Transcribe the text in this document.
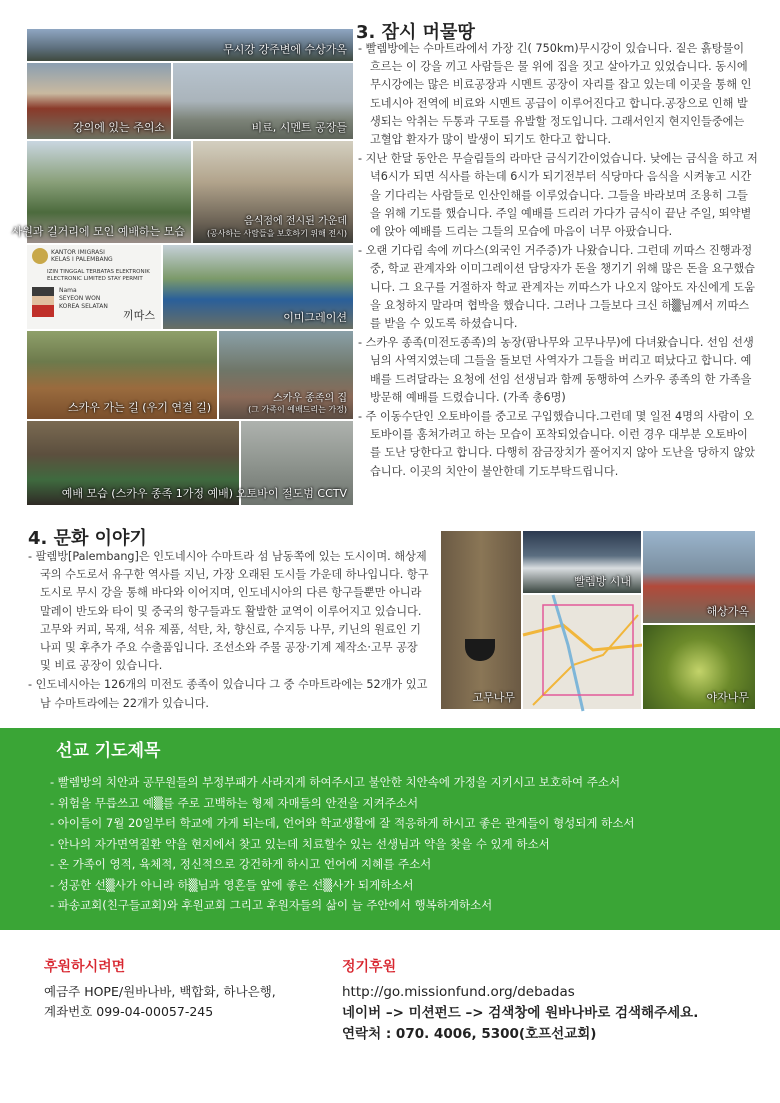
무시강 강주변에 수상가옥
강의에 있는 주의소	비료, 시멘트 공장들
사원과 길거리에 모인 예배하는 모습
음식점에 전시된 가운데
(공사하는 사람들을 보호하기 위해 전시)
KANTOR IMIGRASI
KELAS I PALEMBANG
IZIN TINGGAL TERBATAS ELEKTRONIK
ELECTRONIC LIMITED STAY PERMIT
Nama
SEYEON WON
KOREA SELATAN
끼따스	이미그레이션
스카우 가는 길 (우기 연결 길)
스카우 종족의 집
(그 가족이 예배드리는 가정)
예배 모습 (스카우 종족 1가정 예배) 오토바이 절도범 CCTV
3. 잠시 머물땅

- 빨렘방에는 수마트라에서 가장 긴( 750km)무시강이 있습니다. 짙은 흙탕물이 흐르는 이 강을 끼고 사람들은 물 위에 집을 짓고 살아가고 있었습니다. 동시에 무시강에는 많은 비료공장과 시멘트 공장이 자리를 잡고 있는데 이곳을 통해 인도네시아 전역에 비료와 시멘트 공급이 이루어진다고 합니다.공장으로 인해 발생되는 악취는 두통과 구토를 유발할 정도입니다. 그래서인지 현지인들중에는 고혈압 환자가 많이 발생이 되기도 한다고 합니다.

- 지난 한달 동안은 무슬림들의 라마단 금식기간이었습니다. 낮에는 금식을 하고 저녁6시가 되면 식사를 하는데 6시가 되기전부터 식당마다 음식을 시켜놓고 시간을 기다리는 사람들로 인산인해를 이루었습니다. 그들을 바라보며 조용히 그들을 위해 기도를 했습니다. 주일 예배를 드리러 가다가 금식이 끝난 주일, 뙤약볕에 앉아 예배를 드리는 그들의 모습에 마음이 너무 아팠습니다.

- 오랜 기다림 속에 끼다스(외국인 거주증)가 나왔습니다. 그런데 끼따스 진행과정 중, 학교 관계자와 이미그레이션 담당자가 돈을 챙기기 위해 많은 돈을 요구했습니다. 그 요구를 거절하자 학교 관계자는 끼따스가 나오지 않아도 자신에게 도움을 요청하지 말라며 협박을 했습니다. 그러나 그들보다 크신 하▒님께서 끼따스를 받을 수 있도록 하셨습니다.

- 스카우 종족(미전도종족)의 농장(팜나무와 고무나무)에 다녀왔습니다. 선임 선생님의 사역지였는데 그들을 돌보던 사역자가 그들을 버리고 떠났다고 합니다. 예배를 드려달라는 요청에 선임 선생님과 함께 동행하여 스카우 종족의 한 가족을 방문해 예배를 드렸습니다. (가족 총6명)

- 주 이동수단인 오토바이를 중고로 구입했습니다.그런데 몇 일전 4명의 사람이 오토바이를 훔쳐가려고 하는 모습이 포착되었습니다. 이런 경우 대부분 오토바이를 도난 당한다고 합니다. 다행히 잠금장치가 풀어지지 않아 도난을 당하지 않았습니다. 이곳의 치안이 불안한데 기도부탁드립니다.

4. 문화 이야기

- 팔렘방[Palembang]은 인도네시아 수마트라 섬 남동쪽에 있는 도시이며. 해상제국의 수도로서 유구한 역사를 지닌, 가장 오래된 도시들 가운데 하나입니다. 항구도시로 무시 강을 통해 바다와 이어지며, 인도네시아의 다른 항구들뿐만 아니라 말레이 반도와 타이 및 중국의 항구들과도 활발한 교역이 이루어지고 있습니다. 고무와 커피, 목재, 석유 제품, 석탄, 차, 향신료, 수지등 나무, 키닌의 원료인 기나피 및 후추가 주요 수출품입니다. 조선소와 주물 공장·기계 제작소·고무 공장 및 비료 공장이 있습니다.

- 인도네시아는 126개의 미전도 종족이 있습니다 그 중 수마트라에는 52개가 있고 남 수마트라에는 22개가 있습니다.	고무나무
해상가옥
빨렘방 시내
야자나무
선교 기도제목
- 빨렘방의 치안과 공무원들의 부정부패가 사라지게 하여주시고 불안한 치안속에 가정을 지키시고 보호하여 주소서
- 위험을 무릅쓰고 예▒를 주로 고백하는 형제 자매들의 안전을 지켜주소서
- 아이들이 7월 20일부터 학교에 가게 되는데, 언어와 학교생활에 잘 적응하게 하시고 좋은 관계들이 형성되게 하소서
- 안나의 자가면역질환 약을 현지에서 찾고 있는데 치료할수 있는 선생님과 약을 찾을 수 있게 하소서
- 온 가족이 영적, 육체적, 정신적으로 강건하게 하시고 언어에 지혜를 주소서
- 성공한 선▒사가 아니라 하▒님과 영혼들 앞에 좋은 선▒사가 되게하소서
- 파송교회(친구들교회)와 후원교회 그리고 후원자들의 삶이 늘 주안에서 행복하게하소서
후원하시려면
예금주 HOPE/원바나바, 백합화, 하나은행,
계좌번호 099-04-00057-245
정기후원
http://go.missionfund.org/debadas
네이버 –> 미션펀드 –> 검색창에 원바나바로 검색해주세요.
연락처 : 070. 4006, 5300(호프선교회)
